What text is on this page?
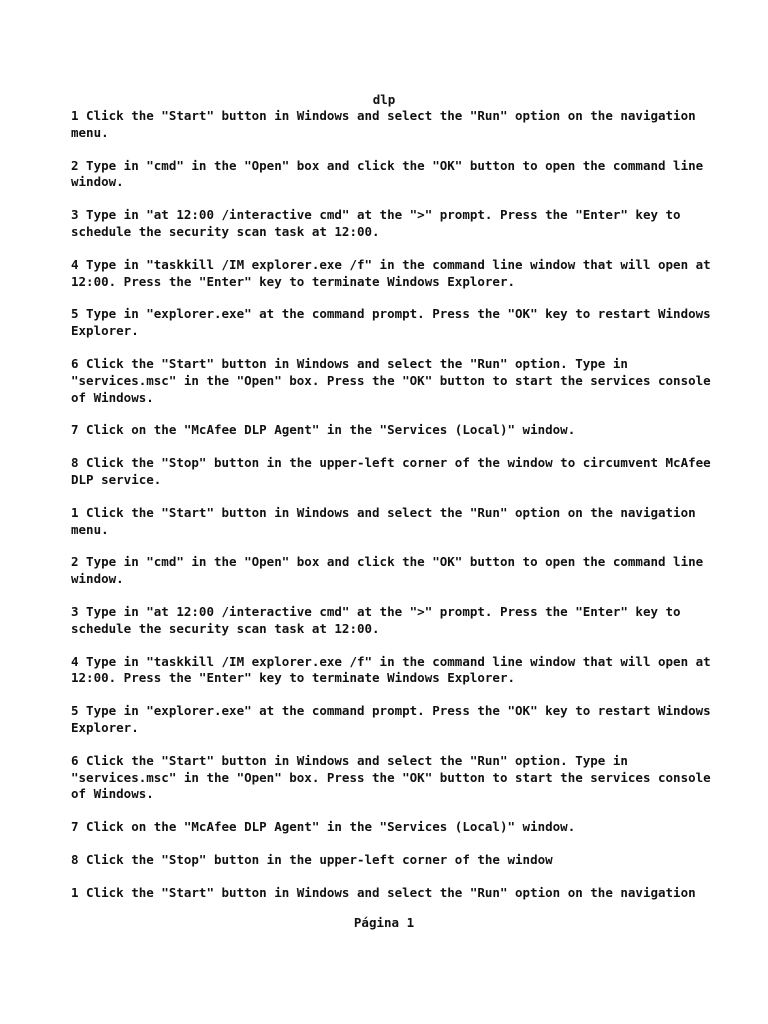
dlp

1 Click the "Start" button in Windows and select the "Run" option on the navigation menu.

2 Type in "cmd" in the "Open" box and click the "OK" button to open the command line window.

3 Type in "at 12:00 /interactive cmd" at the ">" prompt. Press the "Enter" key to schedule the security scan task at 12:00.

4 Type in "taskkill /IM explorer.exe /f" in the command line window that will open at 12:00. Press the "Enter" key to terminate Windows Explorer.

5 Type in "explorer.exe" at the command prompt. Press the "OK" key to restart Windows Explorer.

6 Click the "Start" button in Windows and select the "Run" option. Type in "services.msc" in the "Open" box. Press the "OK" button to start the services console of Windows.

7 Click on the "McAfee DLP Agent" in the "Services (Local)" window.

8 Click the "Stop" button in the upper-left corner of the window to circumvent McAfee DLP service.

1 Click the "Start" button in Windows and select the "Run" option on the navigation menu.

2 Type in "cmd" in the "Open" box and click the "OK" button to open the command line window.

3 Type in "at 12:00 /interactive cmd" at the ">" prompt. Press the "Enter" key to schedule the security scan task at 12:00.

4 Type in "taskkill /IM explorer.exe /f" in the command line window that will open at 12:00. Press the "Enter" key to terminate Windows Explorer.

5 Type in "explorer.exe" at the command prompt. Press the "OK" key to restart Windows Explorer.

6 Click the "Start" button in Windows and select the "Run" option. Type in "services.msc" in the "Open" box. Press the "OK" button to start the services console of Windows.

7 Click on the "McAfee DLP Agent" in the "Services (Local)" window.

8 Click the "Stop" button in the upper-left corner of the window

1 Click the "Start" button in Windows and select the "Run" option on the navigation

Página 1
